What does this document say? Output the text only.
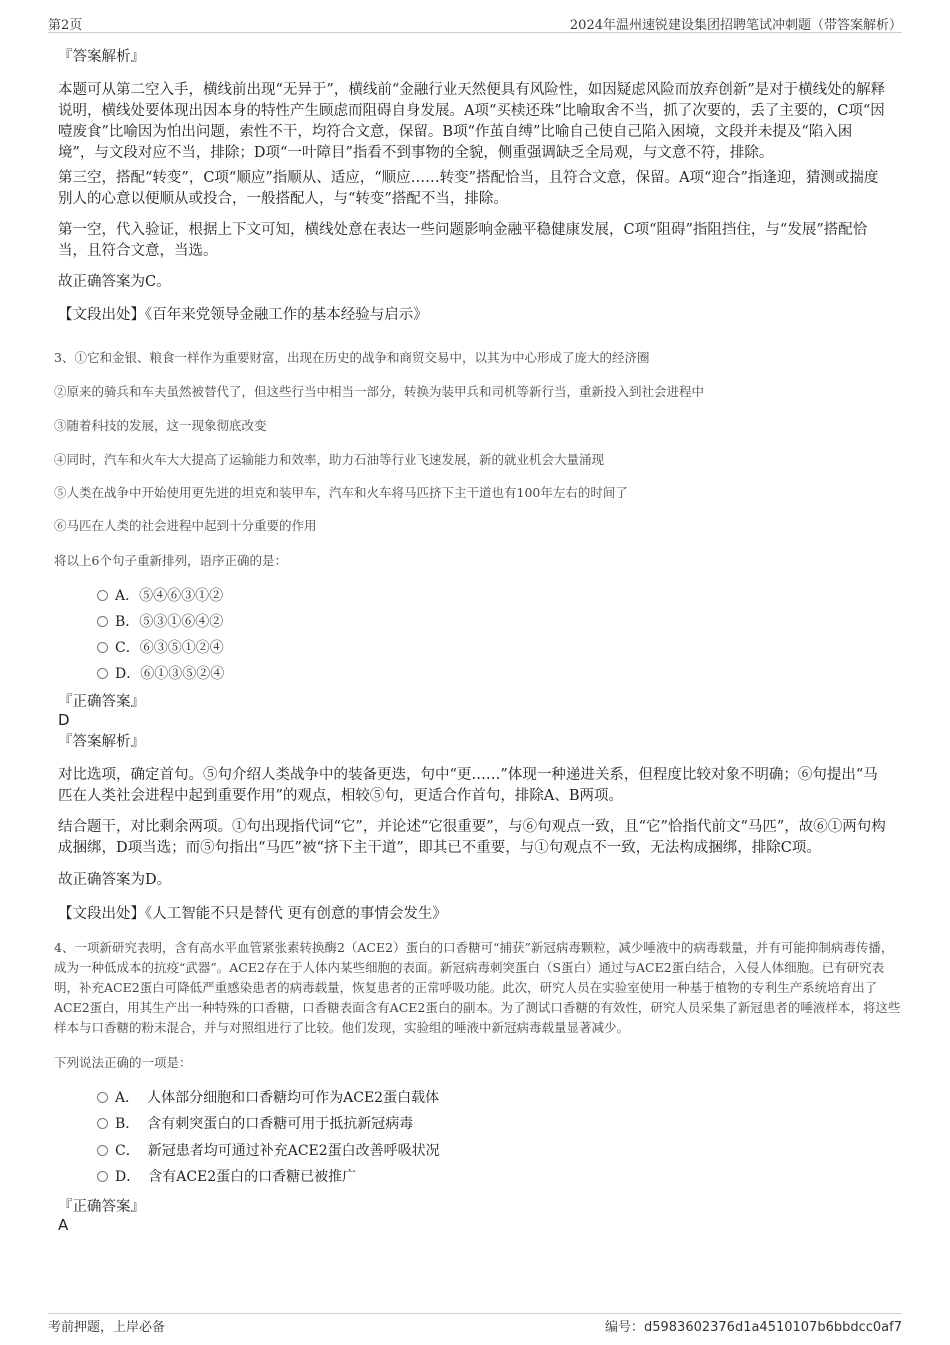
第2页	2024年温州速锐建设集团招聘笔试冲刺题（带答案解析）
『答案解析』
本题可从第二空入手，横线前出现“无异于”，横线前“金融行业天然便具有风险性，如因疑虑风险而放弃创新”是对于横线处的解释说明，横线处要体现出因本身的特性产生顾虑而阻碍自身发展。A项“买椟还珠”比喻取舍不当，抓了次要的，丢了主要的，C项“因噎废食”比喻因为怕出问题，索性不干，均符合文意，保留。B项“作茧自缚”比喻自己使自己陷入困境，文段并未提及“陷入困境”，与文段对应不当，排除；D项“一叶障目”指看不到事物的全貌，侧重强调缺乏全局观，与文意不符，排除。
第三空，搭配“转变”，C项“顺应”指顺从、适应，“顺应……转变”搭配恰当，且符合文意，保留。A项“迎合”指逢迎，猜测或揣度别人的心意以便顺从或投合，一般搭配人，与“转变”搭配不当，排除。
第一空，代入验证，根据上下文可知，横线处意在表达一些问题影响金融平稳健康发展，C项“阻碍”指阻挡住，与“发展”搭配恰当，且符合文意，当选。
故正确答案为C。
【文段出处】《百年来党领导金融工作的基本经验与启示》
3、①它和金银、粮食一样作为重要财富，出现在历史的战争和商贸交易中，以其为中心形成了庞大的经济圈
②原来的骑兵和车夫虽然被替代了，但这些行当中相当一部分，转换为装甲兵和司机等新行当，重新投入到社会进程中
③随着科技的发展，这一现象彻底改变
④同时，汽车和火车大大提高了运输能力和效率，助力石油等行业飞速发展，新的就业机会大量涌现
⑤人类在战争中开始使用更先进的坦克和装甲车，汽车和火车将马匹挤下主干道也有100年左右的时间了
⑥马匹在人类的社会进程中起到十分重要的作用
将以上6个句子重新排列，语序正确的是：
A．⑤④⑥③①②
B．⑤③①⑥④②
C．⑥③⑤①②④
D．⑥①③⑤②④
『正确答案』
D
『答案解析』
对比选项，确定首句。⑤句介绍人类战争中的装备更迭，句中“更……”体现一种递进关系，但程度比较对象不明确；⑥句提出“马匹在人类社会进程中起到重要作用”的观点，相较⑤句，更适合作首句，排除A、B两项。
结合题干，对比剩余两项。①句出现指代词“它”，并论述“它很重要”，与⑥句观点一致，且“它”恰指代前文“马匹”，故⑥①两句构成捆绑，D项当选；而⑤句指出“马匹”被“挤下主干道”，即其已不重要，与①句观点不一致，无法构成捆绑，排除C项。
故正确答案为D。
【文段出处】《人工智能不只是替代 更有创意的事情会发生》
4、一项新研究表明，含有高水平血管紧张素转换酶2（ACE2）蛋白的口香糖可“捕获”新冠病毒颗粒，减少唾液中的病毒载量，并有可能抑制病毒传播，成为一种低成本的抗疫“武器”。ACE2存在于人体内某些细胞的表面。新冠病毒刺突蛋白（S蛋白）通过与ACE2蛋白结合，入侵人体细胞。已有研究表明，补充ACE2蛋白可降低严重感染患者的病毒载量，恢复患者的正常呼吸功能。此次，研究人员在实验室使用一种基于植物的专利生产系统培育出了ACE2蛋白，用其生产出一种特殊的口香糖，口香糖表面含有ACE2蛋白的副本。为了测试口香糖的有效性，研究人员采集了新冠患者的唾液样本，将这些样本与口香糖的粉末混合，并与对照组进行了比较。他们发现，实验组的唾液中新冠病毒载量显著减少。
下列说法正确的一项是：
A． 人体部分细胞和口香糖均可作为ACE2蛋白载体
B． 含有刺突蛋白的口香糖可用于抵抗新冠病毒
C． 新冠患者均可通过补充ACE2蛋白改善呼吸状况
D． 含有ACE2蛋白的口香糖已被推广
『正确答案』
A
考前押题，上岸必备	编号：d5983602376d1a4510107b6bbdcc0af7
